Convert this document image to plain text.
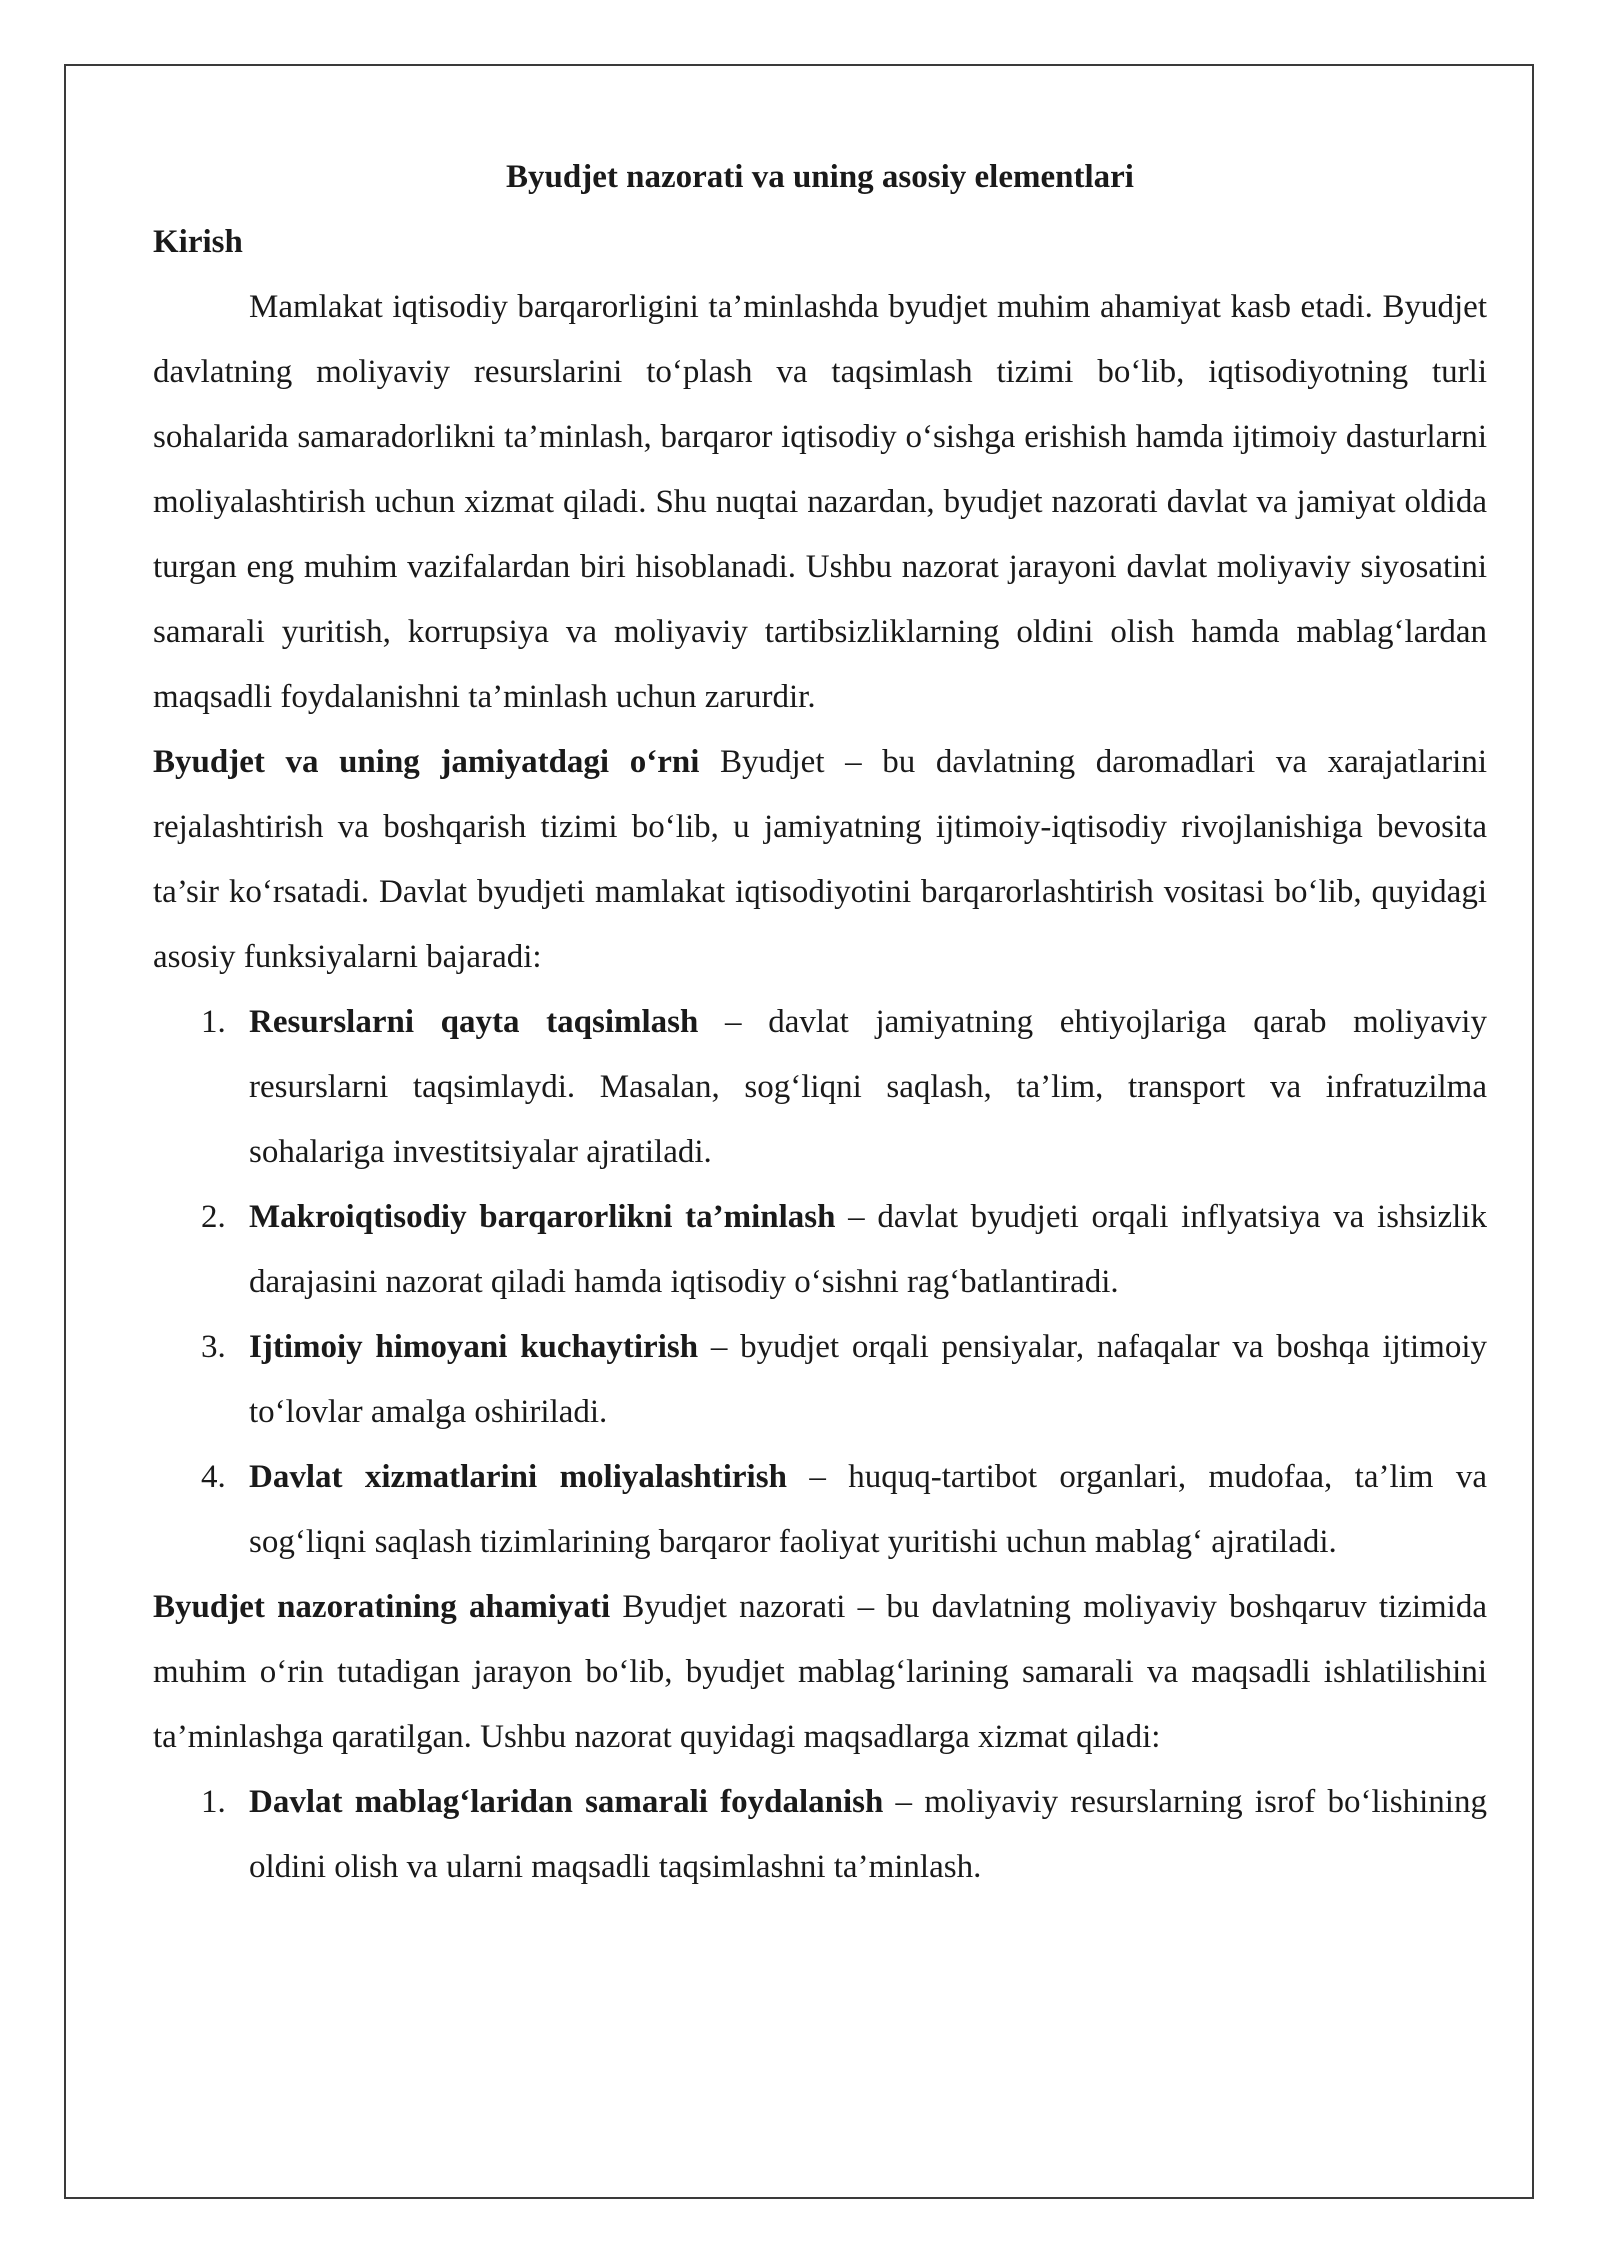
Byudjet nazorati va uning asosiy elementlari

Kirish

Mamlakat iqtisodiy barqarorligini ta’minlashda byudjet muhim ahamiyat kasb etadi. Byudjet davlatning moliyaviy resurslarini to‘plash va taqsimlash tizimi bo‘lib, iqtisodiyotning turli sohalarida samaradorlikni ta’minlash, barqaror iqtisodiy o‘sishga erishish hamda ijtimoiy dasturlarni moliyalashtirish uchun xizmat qiladi. Shu nuqtai nazardan, byudjet nazorati davlat va jamiyat oldida turgan eng muhim vazifalardan biri hisoblanadi. Ushbu nazorat jarayoni davlat moliyaviy siyosatini samarali yuritish, korrupsiya va moliyaviy tartibsizliklarning oldini olish hamda mablag‘lardan maqsadli foydalanishni ta’minlash uchun zarurdir.

Byudjet va uning jamiyatdagi o‘rni Byudjet – bu davlatning daromadlari va xarajatlarini rejalashtirish va boshqarish tizimi bo‘lib, u jamiyatning ijtimoiy-iqtisodiy rivojlanishiga bevosita ta’sir ko‘rsatadi. Davlat byudjeti mamlakat iqtisodiyotini barqarorlashtirish vositasi bo‘lib, quyidagi asosiy funksiyalarni bajaradi:

1. Resurslarni qayta taqsimlash – davlat jamiyatning ehtiyojlariga qarab moliyaviy resurslarni taqsimlaydi. Masalan, sog‘liqni saqlash, ta’lim, transport va infratuzilma sohalariga investitsiyalar ajratiladi.
2. Makroiqtisodiy barqarorlikni ta’minlash – davlat byudjeti orqali inflyatsiya va ishsizlik darajasini nazorat qiladi hamda iqtisodiy o‘sishni rag‘batlantiradi.
3. Ijtimoiy himoyani kuchaytirish – byudjet orqali pensiyalar, nafaqalar va boshqa ijtimoiy to‘lovlar amalga oshiriladi.
4. Davlat xizmatlarini moliyalashtirish – huquq-tartibot organlari, mudofaa, ta’lim va sog‘liqni saqlash tizimlarining barqaror faoliyat yuritishi uchun mablag‘ ajratiladi.

Byudjet nazoratining ahamiyati Byudjet nazorati – bu davlatning moliyaviy boshqaruv tizimida muhim o‘rin tutadigan jarayon bo‘lib, byudjet mablag‘larining samarali va maqsadli ishlatilishini ta’minlashga qaratilgan. Ushbu nazorat quyidagi maqsadlarga xizmat qiladi:

1. Davlat mablag‘laridan samarali foydalanish – moliyaviy resurslarning isrof bo‘lishining oldini olish va ularni maqsadli taqsimlashni ta’minlash.
